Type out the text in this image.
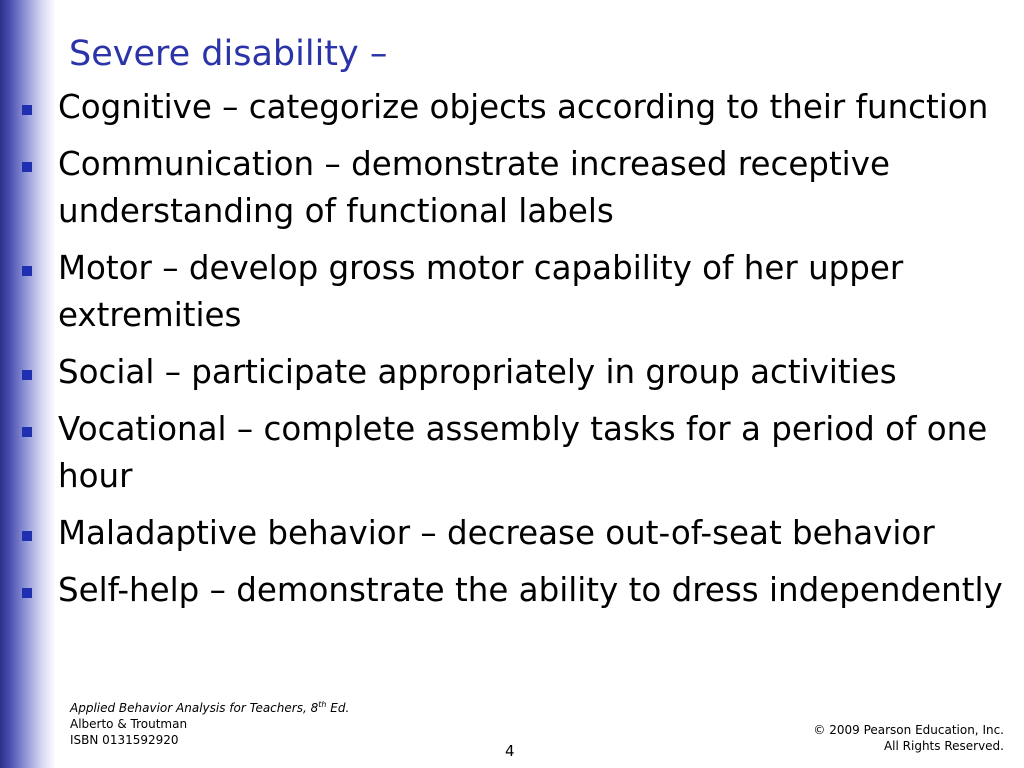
Severe disability –
Cognitive – categorize objects according to their function
Communication – demonstrate increased receptive understanding of functional labels
Motor – develop gross motor capability of her upper extremities
Social – participate appropriately in group activities
Vocational – complete assembly tasks for a period of one hour
Maladaptive behavior – decrease out-of-seat behavior
Self-help – demonstrate the ability to dress independently
Applied Behavior Analysis for Teachers, 8th Ed.
Alberto & Troutman
ISBN 0131592920
© 2009 Pearson Education, Inc.
All Rights Reserved.
4
